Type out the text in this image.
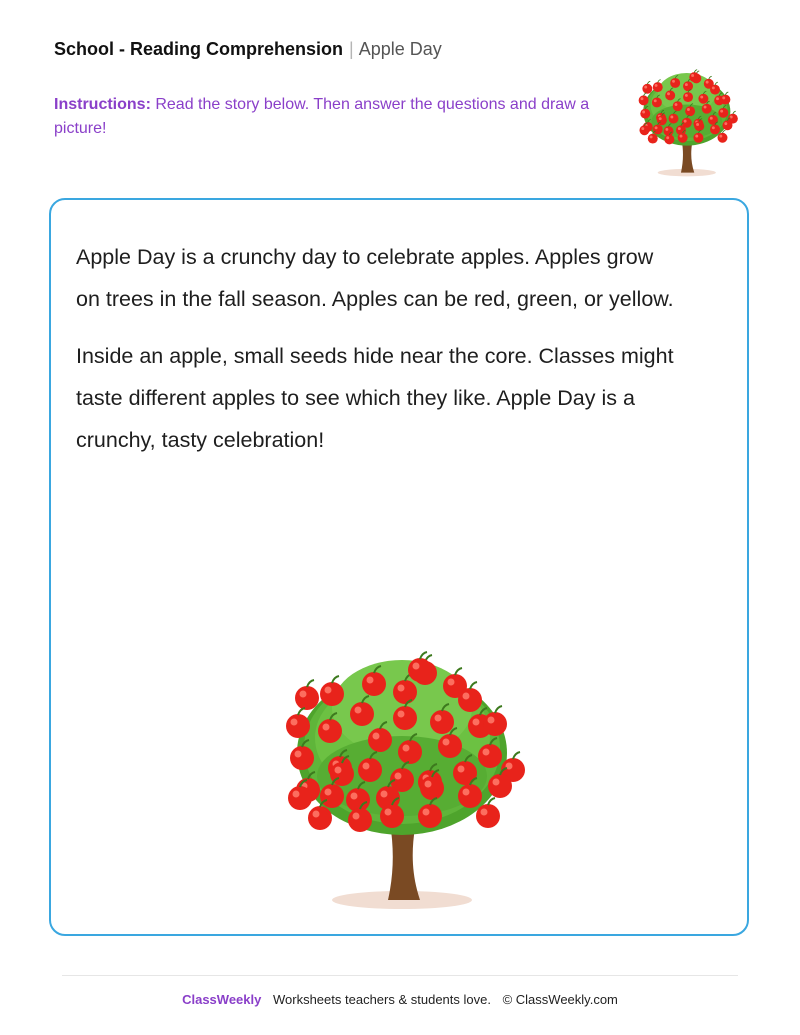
School - Reading Comprehension | Apple Day
Instructions: Read the story below. Then answer the questions and draw a picture!

Apple Day is a crunchy day to celebrate apples. Apples grow on trees in the fall season. Apples can be red, green, or yellow.

Inside an apple, small seeds hide near the core. Classes might taste different apples to see which they like. Apple Day is a crunchy, tasty celebration!

ClassWeekly Worksheets teachers & students love. © ClassWeekly.com
